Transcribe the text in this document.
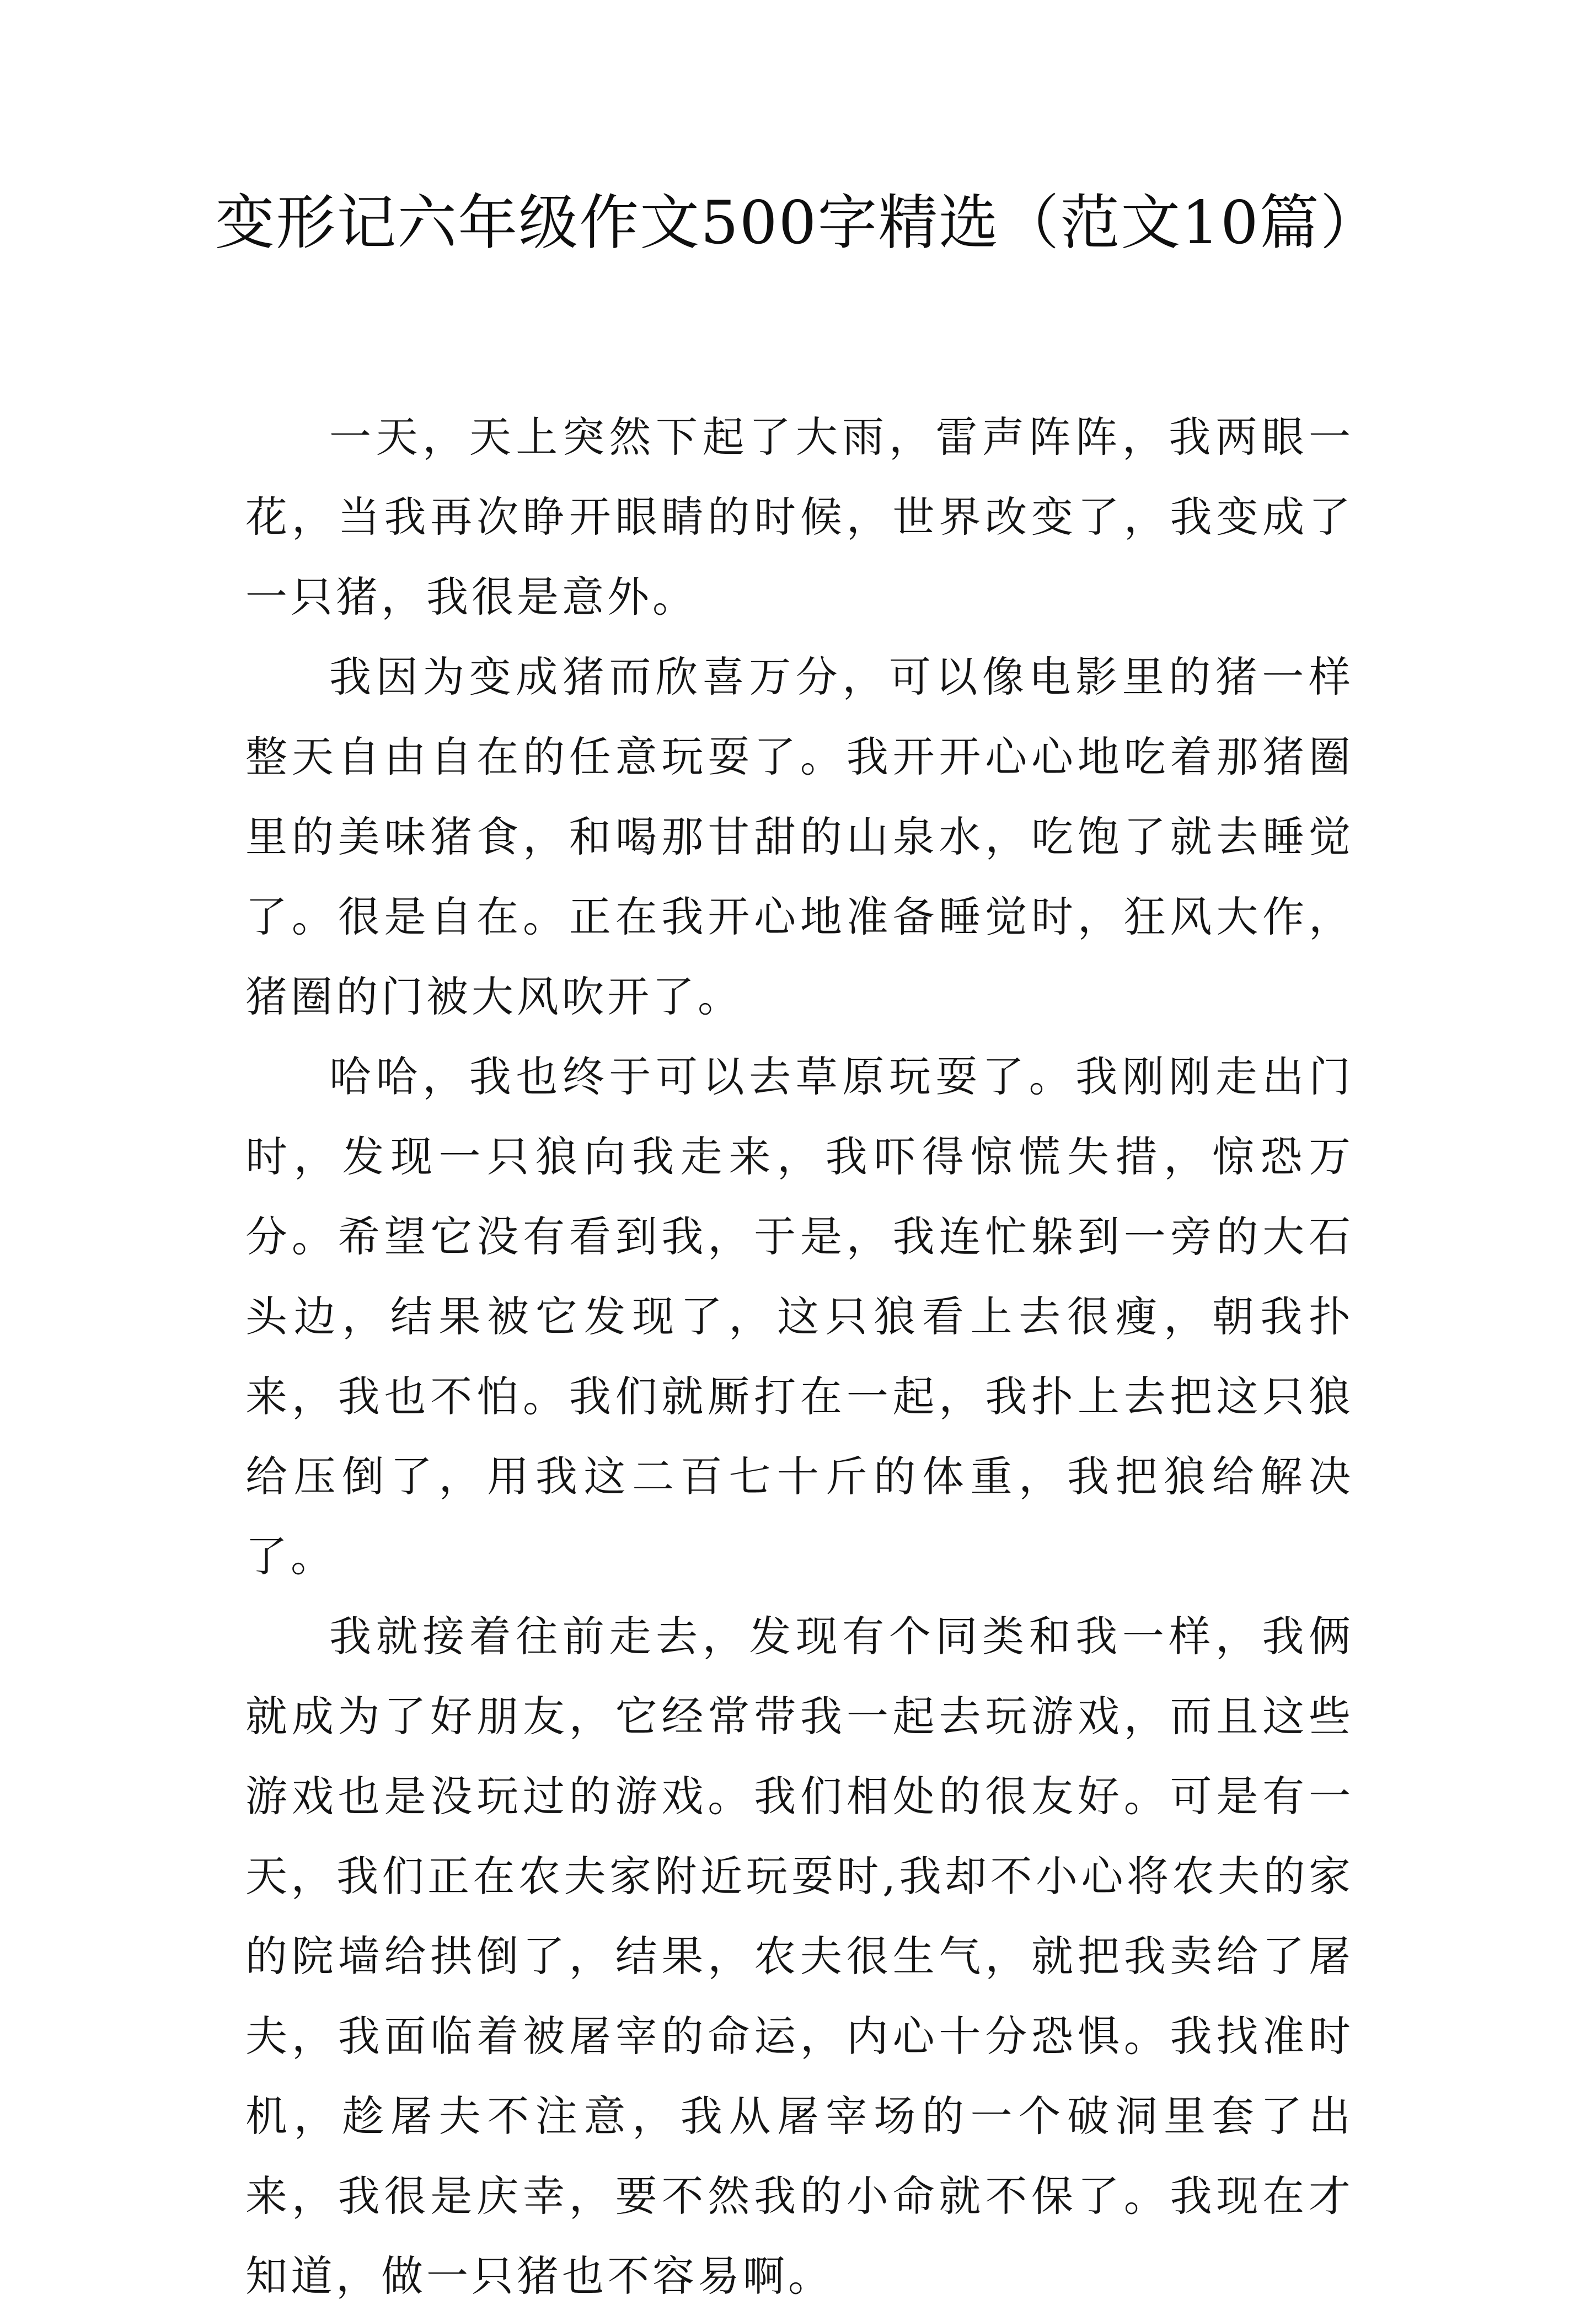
变形记六年级作文500字精选（范文10篇）

一天，天上突然下起了大雨，雷声阵阵，我两眼一花，当我再次睁开眼睛的时候，世界改变了，我变成了一只猪，我很是意外。

我因为变成猪而欣喜万分，可以像电影里的猪一样整天自由自在的任意玩耍了。我开开心心地吃着那猪圈里的美味猪食，和喝那甘甜的山泉水，吃饱了就去睡觉了。很是自在。正在我开心地准备睡觉时，狂风大作，猪圈的门被大风吹开了。

哈哈，我也终于可以去草原玩耍了。我刚刚走出门时，发现一只狼向我走来，我吓得惊慌失措，惊恐万分。希望它没有看到我，于是，我连忙躲到一旁的大石头边，结果被它发现了，这只狼看上去很瘦，朝我扑来，我也不怕。我们就厮打在一起，我扑上去把这只狼给压倒了，用我这二百七十斤的体重，我把狼给解决了。

我就接着往前走去，发现有个同类和我一样，我俩就成为了好朋友，它经常带我一起去玩游戏，而且这些游戏也是没玩过的游戏。我们相处的很友好。可是有一天，我们正在农夫家附近玩耍时,我却不小心将农夫的家的院墙给拱倒了，结果，农夫很生气，就把我卖给了屠夫，我面临着被屠宰的命运，内心十分恐惧。我找准时机，趁屠夫不注意，我从屠宰场的一个破洞里套了出来，我很是庆幸，要不然我的小命就不保了。我现在才知道，做一只猪也不容易啊。
